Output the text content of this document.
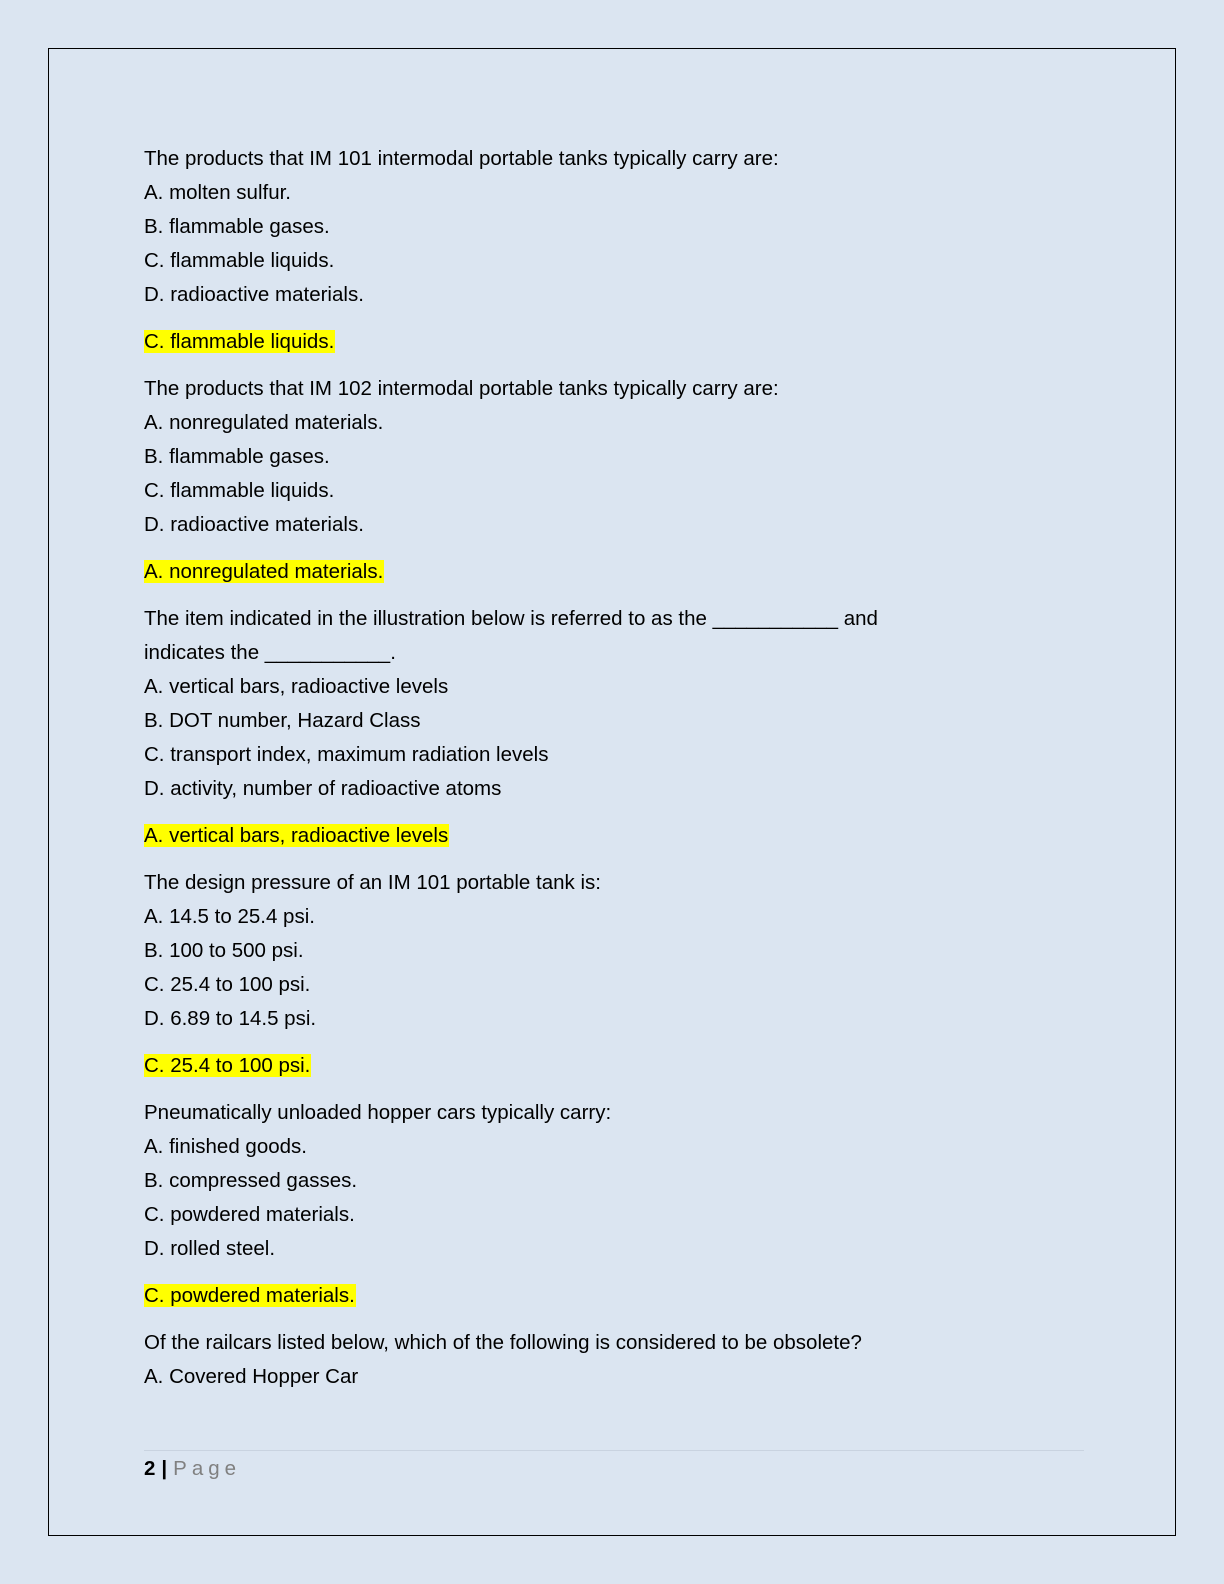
The products that IM 101 intermodal portable tanks typically carry are:
A. molten sulfur.
B. flammable gases.
C. flammable liquids.
D. radioactive materials.
C. flammable liquids.
The products that IM 102 intermodal portable tanks typically carry are:
A. nonregulated materials.
B. flammable gases.
C. flammable liquids.
D. radioactive materials.
A. nonregulated materials.
The item indicated in the illustration below is referred to as the ___________ and
indicates the ___________.
A. vertical bars, radioactive levels
B. DOT number, Hazard Class
C. transport index, maximum radiation levels
D. activity, number of radioactive atoms
A. vertical bars, radioactive levels
The design pressure of an IM 101 portable tank is:
A. 14.5 to 25.4 psi.
B. 100 to 500 psi.
C. 25.4 to 100 psi.
D. 6.89 to 14.5 psi.
C. 25.4 to 100 psi.
Pneumatically unloaded hopper cars typically carry:
A. finished goods.
B. compressed gasses.
C. powdered materials.
D. rolled steel.
C. powdered materials.
Of the railcars listed below, which of the following is considered to be obsolete?
A. Covered Hopper Car
2 | Page
